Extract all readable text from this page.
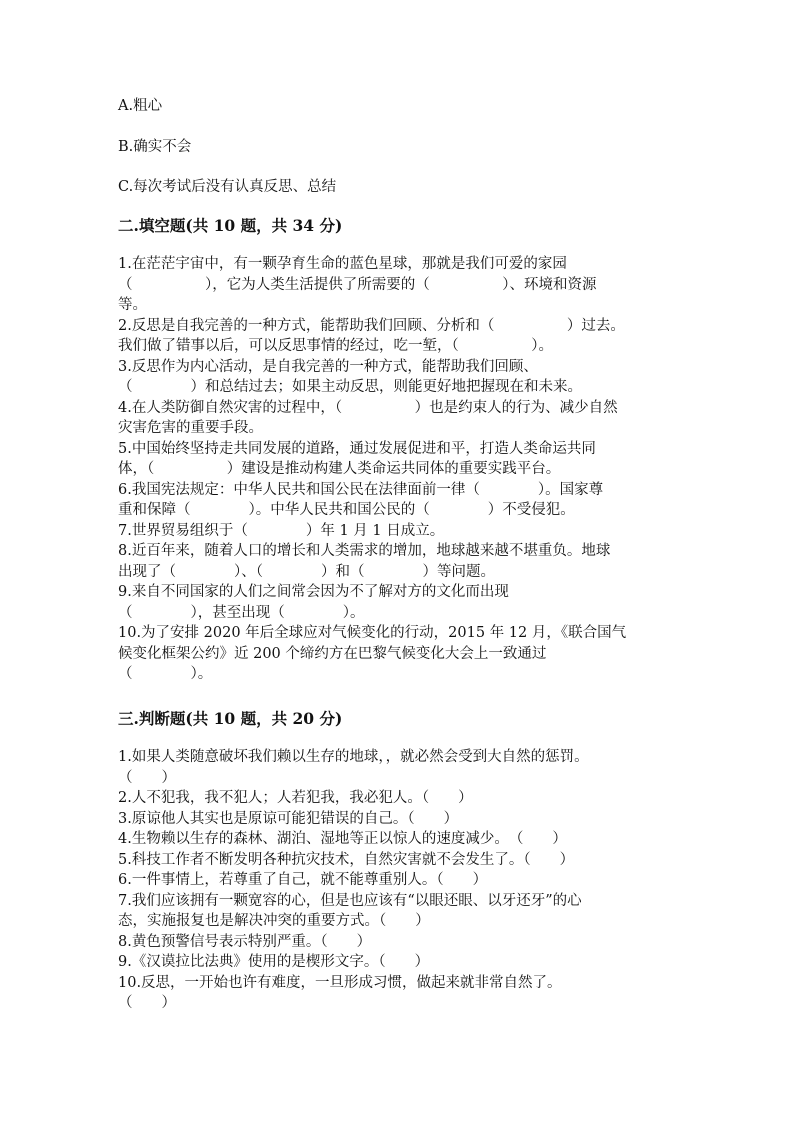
A.粗心
B.确实不会
C.每次考试后没有认真反思、总结
二.填空题(共 10 题，共 34 分)
1.在茫茫宇宙中，有一颗孕育生命的蓝色星球，那就是我们可爱的家园
（　　　　　），它为人类生活提供了所需要的（　　　　　）、环境和资源
等。
2.反思是自我完善的一种方式，能帮助我们回顾、分析和（　　　　　）过去。
我们做了错事以后，可以反思事情的经过，吃一堑，（　　　　　）。
3.反思作为内心活动，是自我完善的一种方式，能帮助我们回顾、
（　　　　）和总结过去；如果主动反思，则能更好地把握现在和未来。
4.在人类防御自然灾害的过程中，（　　　　　）也是约束人的行为、减少自然
灾害危害的重要手段。
5.中国始终坚持走共同发展的道路，通过发展促进和平，打造人类命运共同
体，（　　　　　）建设是推动构建人类命运共同体的重要实践平台。
6.我国宪法规定：中华人民共和国公民在法律面前一律（　　　　）。国家尊
重和保障（　　　　）。中华人民共和国公民的（　　　　）不受侵犯。
7.世界贸易组织于（　　　　）年 1 月 1 日成立。
8.近百年来，随着人口的增长和人类需求的增加，地球越来越不堪重负。地球
出现了（　　　　）、（　　　　）和（　　　　）等问题。
9.来自不同国家的人们之间常会因为不了解对方的文化而出现
（　　　　），甚至出现（　　　　）。
10.为了安排 2020 年后全球应对气候变化的行动，2015 年 12 月，《联合国气
候变化框架公约》近 200 个缔约方在巴黎气候变化大会上一致通过
（　　　　）。
三.判断题(共 10 题，共 20 分)
1.如果人类随意破坏我们赖以生存的地球，，就必然会受到大自然的惩罚。
（　　）
2.人不犯我，我不犯人；人若犯我，我必犯人。（　　）
3.原谅他人其实也是原谅可能犯错误的自己。（　　）
4.生物赖以生存的森林、湖泊、湿地等正以惊人的速度减少。　（　　）
5.科技工作者不断发明各种抗灾技术，自然灾害就不会发生了。（　　）
6.一件事情上，若尊重了自己，就不能尊重别人。（　　）
7.我们应该拥有一颗宽容的心，但是也应该有“以眼还眼、以牙还牙”的心
态，实施报复也是解决冲突的重要方式。（　　）
8.黄色预警信号表示特别严重。（　　）
9.《汉谟拉比法典》使用的是楔形文字。（　　）
10.反思，一开始也许有难度，一旦形成习惯，做起来就非常自然了。
（　　）
